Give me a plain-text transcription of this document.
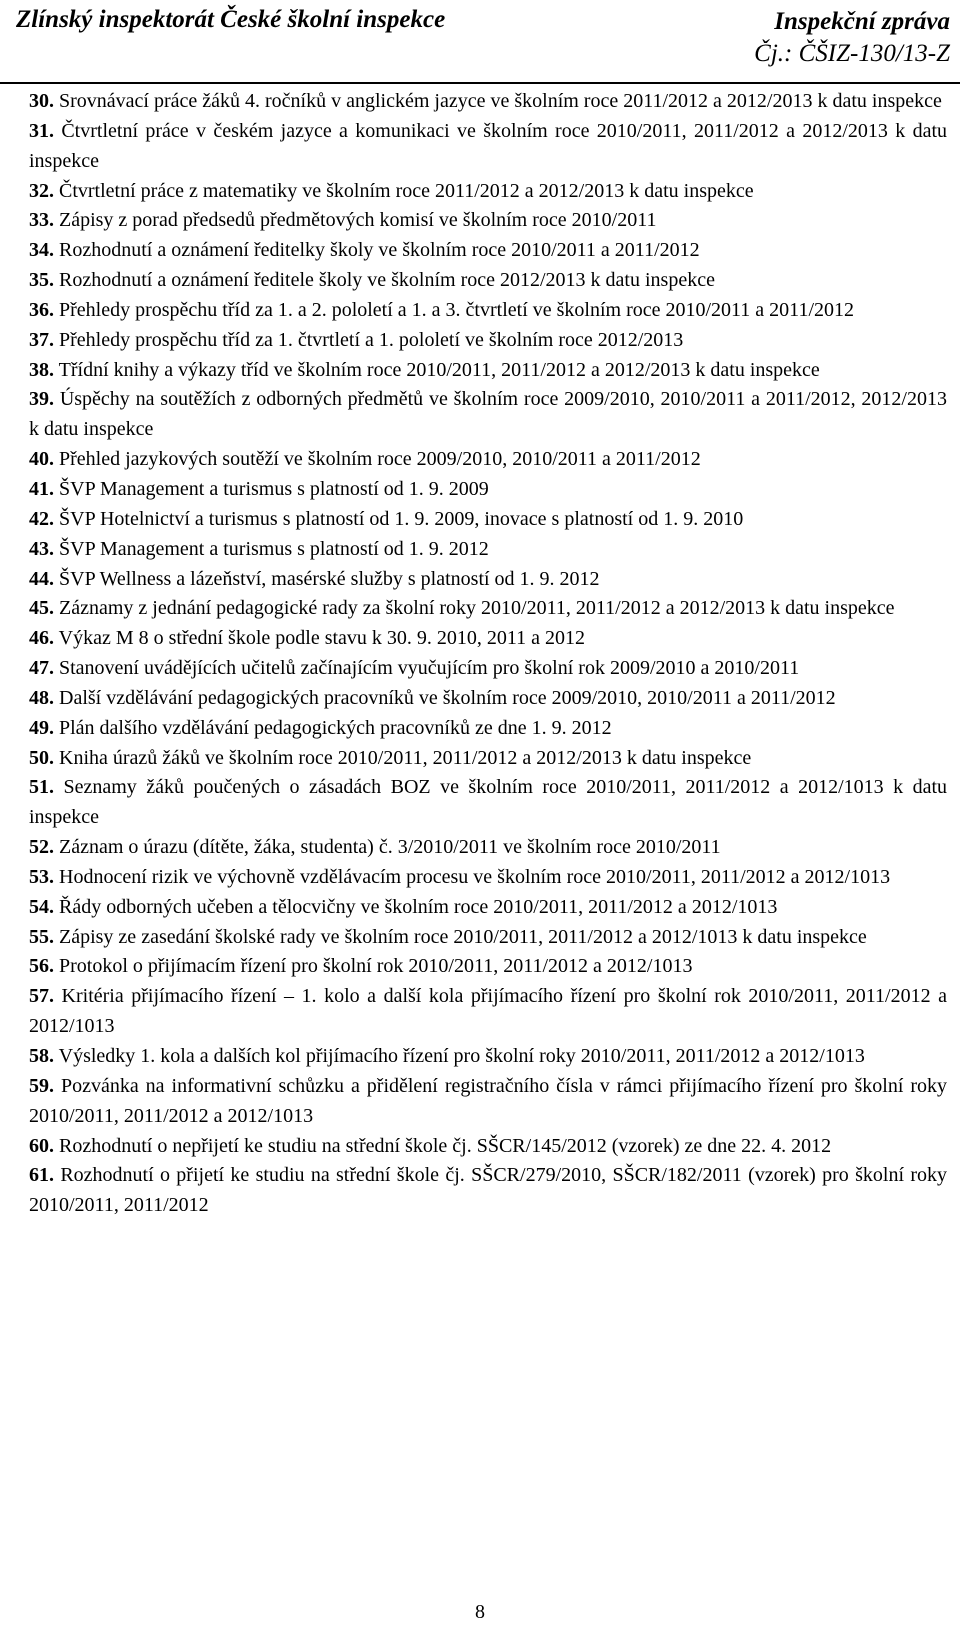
Zlínský inspektorát České školní inspekce	Inspekční zpráva
Čj.: ČŠIZ-130/13-Z

30. Srovnávací práce žáků 4. ročníků v anglickém jazyce ve školním roce 2011/2012 a 2012/2013 k datu inspekce

31. Čtvrtletní práce v českém jazyce a komunikaci ve školním roce 2010/2011, 2011/2012 a 2012/2013 k datu inspekce

32. Čtvrtletní práce z matematiky ve školním roce 2011/2012 a 2012/2013 k datu inspekce

33. Zápisy z porad předsedů předmětových komisí ve školním roce 2010/2011

34. Rozhodnutí a oznámení ředitelky školy ve školním roce 2010/2011 a 2011/2012

35. Rozhodnutí a oznámení ředitele školy ve školním roce 2012/2013 k datu inspekce

36. Přehledy prospěchu tříd za 1. a 2. pololetí a 1. a 3. čtvrtletí ve školním roce 2010/2011 a 2011/2012

37. Přehledy prospěchu tříd za 1. čtvrtletí a 1. pololetí ve školním roce 2012/2013

38. Třídní knihy a výkazy tříd ve školním roce 2010/2011, 2011/2012 a 2012/2013 k datu inspekce

39. Úspěchy na soutěžích z odborných předmětů ve školním roce 2009/2010, 2010/2011 a 2011/2012, 2012/2013 k datu inspekce

40. Přehled jazykových soutěží ve školním roce 2009/2010, 2010/2011 a 2011/2012

41. ŠVP Management a turismus s platností od 1. 9. 2009

42. ŠVP Hotelnictví a turismus s platností od 1. 9. 2009, inovace s platností od 1. 9. 2010

43. ŠVP Management a turismus s platností od 1. 9. 2012

44. ŠVP Wellness a lázeňství, masérské služby s platností od 1. 9. 2012

45. Záznamy z jednání pedagogické rady za školní roky 2010/2011, 2011/2012 a 2012/2013 k datu inspekce

46. Výkaz M 8 o střední škole podle stavu k 30. 9. 2010, 2011 a 2012

47. Stanovení uvádějících učitelů začínajícím vyučujícím pro školní rok 2009/2010 a 2010/2011

48. Další vzdělávání pedagogických pracovníků ve školním roce 2009/2010, 2010/2011 a 2011/2012

49. Plán dalšího vzdělávání pedagogických pracovníků ze dne 1. 9. 2012

50. Kniha úrazů žáků ve školním roce 2010/2011, 2011/2012 a 2012/2013 k datu inspekce

51. Seznamy žáků poučených o zásadách BOZ ve školním roce 2010/2011, 2011/2012 a 2012/1013 k datu inspekce

52. Záznam o úrazu (dítěte, žáka, studenta) č. 3/2010/2011 ve školním roce 2010/2011

53. Hodnocení rizik ve výchovně vzdělávacím procesu ve školním roce 2010/2011, 2011/2012 a 2012/1013

54. Řády odborných učeben a tělocvičny ve školním roce 2010/2011, 2011/2012 a 2012/1013

55. Zápisy ze zasedání školské rady ve školním roce 2010/2011, 2011/2012 a 2012/1013 k datu inspekce

56. Protokol o přijímacím řízení pro školní rok 2010/2011, 2011/2012 a 2012/1013

57. Kritéria přijímacího řízení – 1. kolo a další kola přijímacího řízení pro školní rok 2010/2011, 2011/2012 a 2012/1013

58. Výsledky 1. kola a dalších kol přijímacího řízení pro školní roky 2010/2011, 2011/2012 a 2012/1013

59. Pozvánka na informativní schůzku a přidělení registračního čísla v rámci přijímacího řízení pro školní roky 2010/2011, 2011/2012 a 2012/1013

60. Rozhodnutí o nepřijetí ke studiu na střední škole čj. SŠCR/145/2012 (vzorek) ze dne 22. 4. 2012

61. Rozhodnutí o přijetí ke studiu na střední škole čj. SŠCR/279/2010, SŠCR/182/2011 (vzorek) pro školní roky 2010/2011, 2011/2012

8
